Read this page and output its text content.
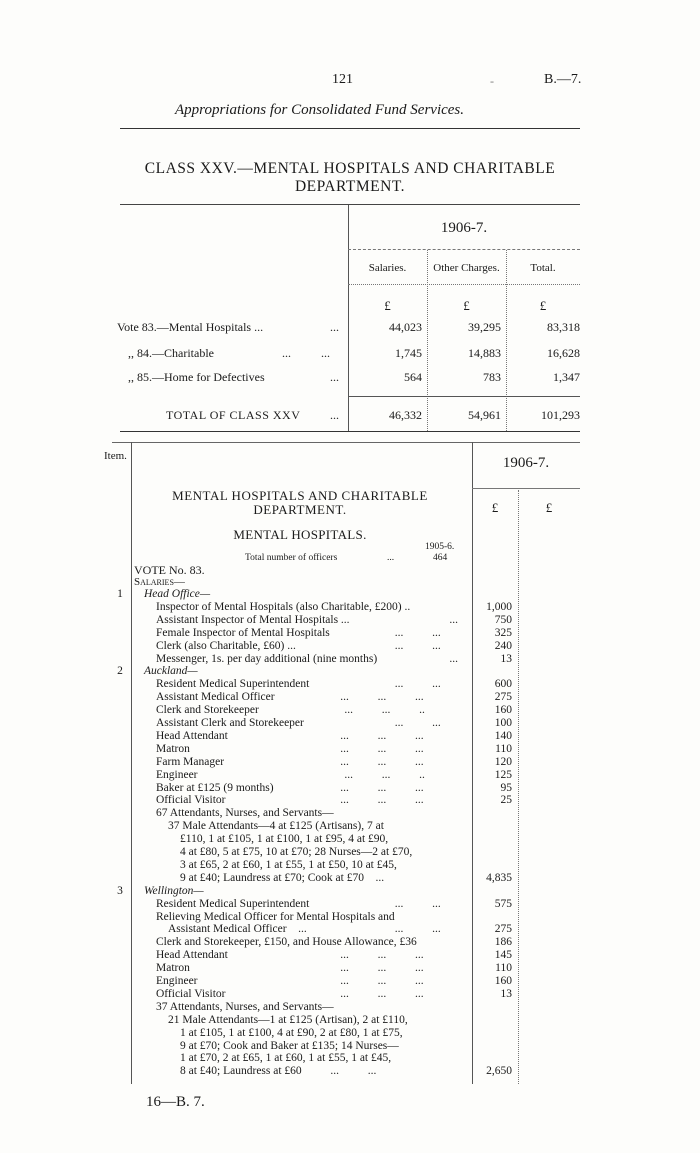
121	-	B.—7.
Appropriations for Consolidated Fund Services.
CLASS XXV.—MENTAL HOSPITALS AND CHARITABLE
DEPARTMENT.
1906-7.
Salaries.	Other Charges.	Total.
£	£	£
Vote 83.—Mental Hospitals ...	...	44,023	39,295	83,318
,, 84.—Charitable	...          ...	1,745	14,883	16,628
,, 85.—Home for Defectives	...	564	783	1,347
TOTAL OF CLASS XXV ...	46,332	54,961	101,293
Item.	1906-7.
£	£
MENTAL HOSPITALS AND CHARITABLE
DEPARTMENT.
MENTAL HOSPITALS.
1905-6.
Total number of officers	...	464
VOTE No. 83.
Salaries—
1 Head Office—
Inspector of Mental Hospitals (also Charitable, £200) ..	1,000
Assistant Inspector of Mental Hospitals ...	...	750
Female Inspector of Mental Hospitals	...          ...	325
Clerk (also Charitable, £60) ...	...          ...	240
Messenger, 1s. per day additional (nine months)	...	13
2 Auckland—
Resident Medical Superintendent	...          ...	600
Assistant Medical Officer	...          ...          ...	275
Clerk and Storekeeper	...          ...          ..	160
Assistant Clerk and Storekeeper	...          ...	100
Head Attendant	...          ...          ...	140
Matron	...          ...          ...	110
Farm Manager	...          ...          ...	120
Engineer	...          ...          ..	125
Baker at £125 (9 months)	...          ...          ...	95
Official Visitor	...          ...          ...	25
67 Attendants, Nurses, and Servants—
37 Male Attendants—4 at £125 (Artisans), 7 at
£110, 1 at £105, 1 at £100, 1 at £95, 4 at £90,
4 at £80, 5 at £75, 10 at £70; 28 Nurses—2 at £70,
3 at £65, 2 at £60, 1 at £55, 1 at £50, 10 at £45,
9 at £40; Laundress at £70; Cook at £70    ...	4,835
3 Wellington—
Resident Medical Superintendent	...          ...	575
Relieving Medical Officer for Mental Hospitals and
Assistant Medical Officer    ...	...          ...	275
Clerk and Storekeeper, £150, and House Allowance, £36	186
Head Attendant	...          ...          ...	145
Matron	...          ...          ...	110
Engineer	...          ...          ...	160
Official Visitor	...          ...          ...	13
37 Attendants, Nurses, and Servants—
21 Male Attendants—1 at £125 (Artisan), 2 at £110,
1 at £105, 1 at £100, 4 at £90, 2 at £80, 1 at £75,
9 at £70; Cook and Baker at £135; 14 Nurses—
1 at £70, 2 at £65, 1 at £60, 1 at £55, 1 at £45,
8 at £40; Laundress at £60          ...          ...	2,650
16—B. 7.
